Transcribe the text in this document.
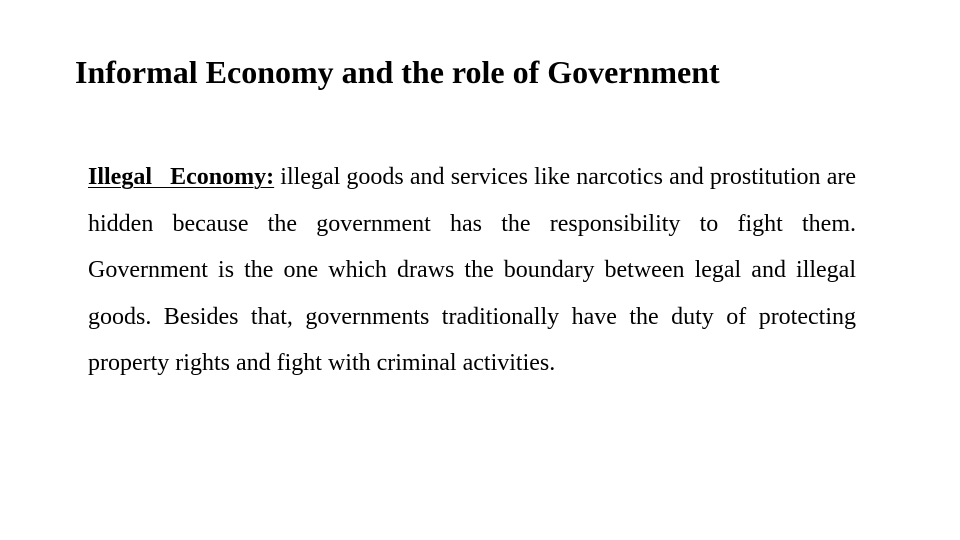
Informal Economy and the role of Government

Illegal Economy: illegal goods and services like narcotics and prostitution are hidden because the government has the responsibility to fight them. Government is the one which draws the boundary between legal and illegal goods. Besides that, governments traditionally have the duty of protecting property rights and fight with criminal activities.
